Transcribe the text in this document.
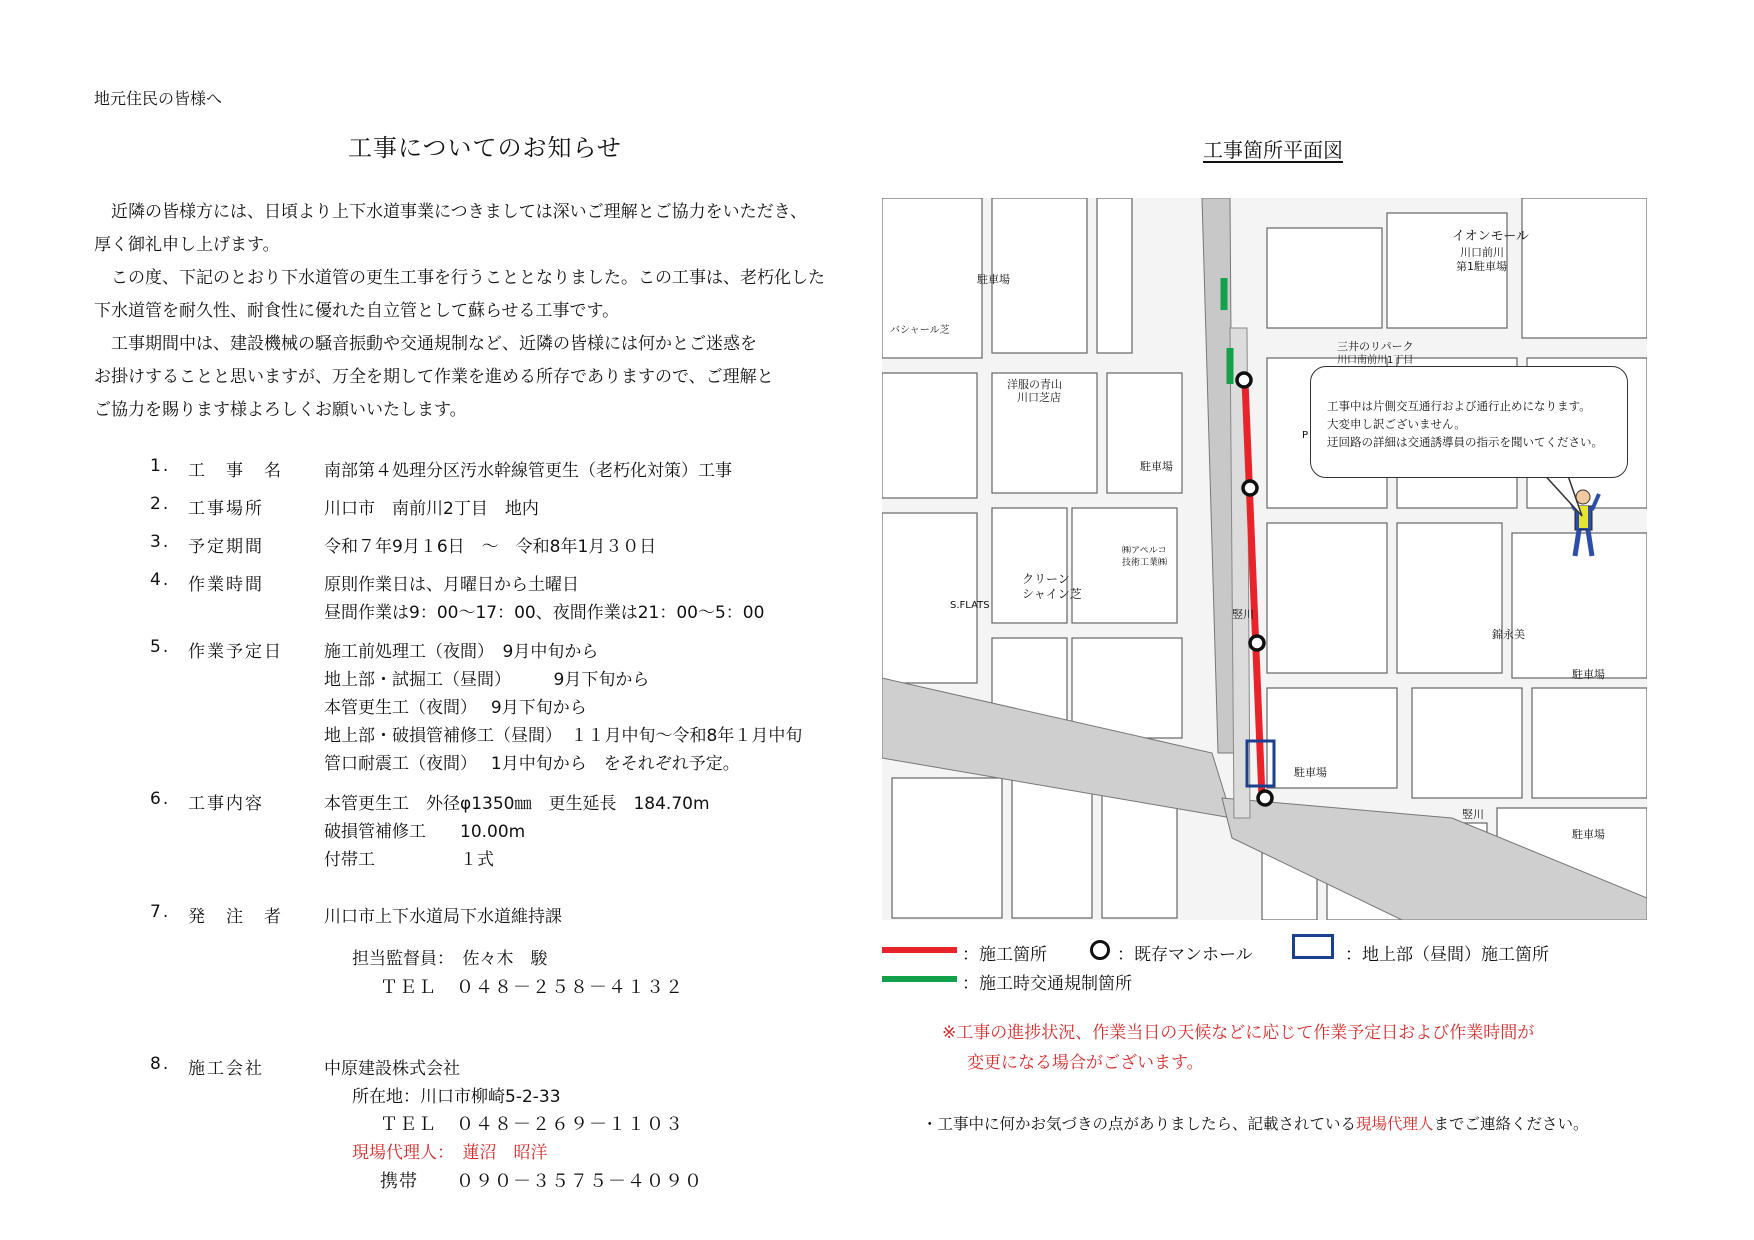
地元住民の皆様へ
工事についてのお知らせ

近隣の皆様方には、日頃より上下水道事業につきましては深いご理解とご協力をいただき、

厚く御礼申し上げます。

この度、下記のとおり下水道管の更生工事を行うこととなりました。この工事は、老朽化した

下水道管を耐久性、耐食性に優れた自立管として蘇らせる工事です。

工事期間中は、建設機械の騒音振動や交通規制など、近隣の皆様には何かとご迷惑を

お掛けすることと思いますが、万全を期して作業を進める所存でありますので、ご理解と

ご協力を賜ります様よろしくお願いいたします。

1. 工　事　名	南部第４処理分区汚水幹線管更生（老朽化対策）工事
2. 工事場所	川口市　南前川2丁目　地内
3. 予定期間	令和７年9月１6日　～　令和8年1月３０日
4. 作業時間	原則作業日は、月曜日から土曜日
昼間作業は9：00～17：00、夜間作業は21：00～5：00
5. 作業予定日 施工前処理工（夜間）　9月中旬から
地上部・試掘工（昼間）　　　9月下旬から
本管更生工（夜間）　 9月下旬から
地上部・破損管補修工（昼間）　１１月中旬～令和8年１月中旬
管口耐震工（夜間）　 1月中旬から　をそれぞれ予定。
6. 工事内容	本管更生工　外径φ1350㎜　更生延長　184.70m
破損管補修工　　10.00m
付帯工　　　　　１式
7. 発　注　者 川口市上下水道局下水道維持課
担当監督員：　佐々木　駿
ＴＥＬ　０４８－２５８－４１３２
8. 施工会社	中原建設株式会社
所在地：川口市柳崎5-2-33
ＴＥＬ　０４８－２６９－１１０３
現場代理人：　蓮沼　昭洋
携帯　　０９０－３５７５－４０９０
工事箇所平面図
イオンモール
川口前川
第1駐車場
三井のリパーク
川口南前川1丁目
洋服の青山
川口芝店
㈱アペルコ
技術工業㈱
クリーン
シャイン芝
S.FLATS
バシャール芝
駐車場
駐車場
駐車場
駐車場
駐車場
錦永美
竪川
竪川
P
工事中は片側交互通行および通行止めになります。
大変申し訳ございません。
迂回路の詳細は交通誘導員の指示を聞いてください。
：施工箇所	：既存マンホール	：地上部（昼間）施工箇所
：施工時交通規制箇所
※工事の進捗状況、作業当日の天候などに応じて作業予定日および作業時間が
変更になる場合がございます。
・工事中に何かお気づきの点がありましたら、記載されている現場代理人までご連絡ください。
